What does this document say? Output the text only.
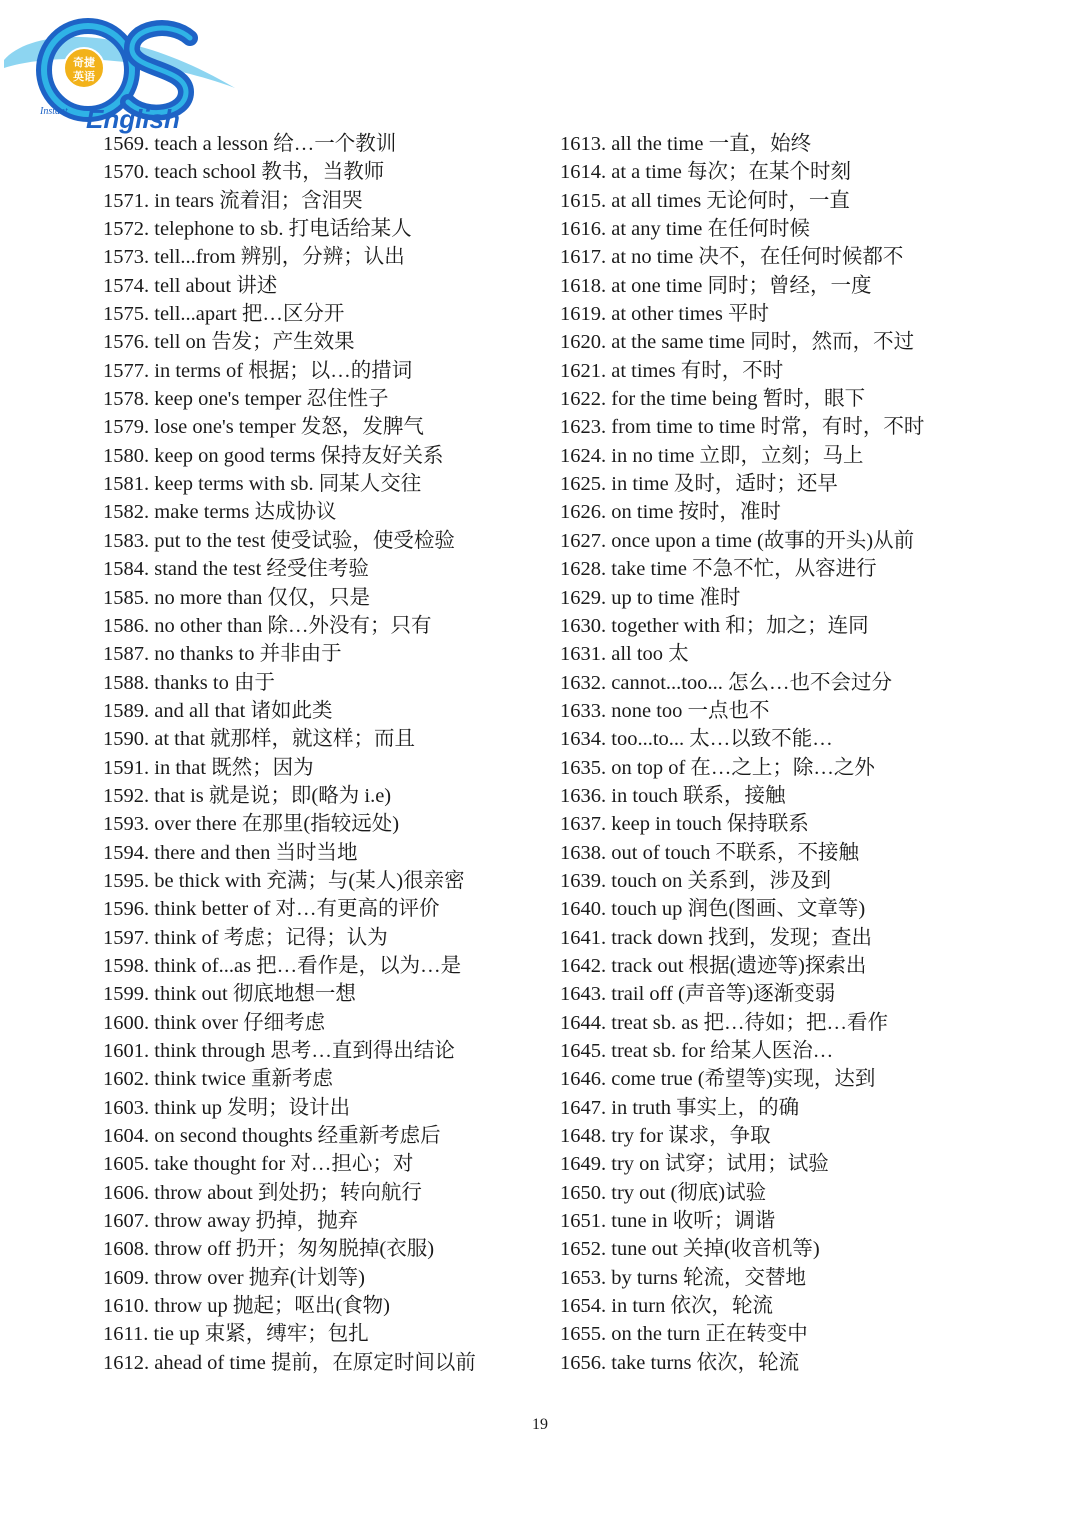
奇捷
英语
Instant English
1569. teach a lesson 给…一个教训
1570. teach school 教书，当教师
1571. in tears 流着泪；含泪哭
1572. telephone to sb. 打电话给某人
1573. tell...from 辨别，分辨；认出
1574. tell about 讲述
1575. tell...apart 把…区分开
1576. tell on 告发；产生效果
1577. in terms of 根据；以…的措词
1578. keep one's temper 忍住性子
1579. lose one's temper 发怒，发脾气
1580. keep on good terms 保持友好关系
1581. keep terms with sb. 同某人交往
1582. make terms 达成协议
1583. put to the test 使受试验，使受检验
1584. stand the test 经受住考验
1585. no more than 仅仅，只是
1586. no other than 除…外没有；只有
1587. no thanks to 并非由于
1588. thanks to 由于
1589. and all that 诸如此类
1590. at that 就那样，就这样；而且
1591. in that 既然；因为
1592. that is 就是说；即(略为 i.e)
1593. over there 在那里(指较远处)
1594. there and then 当时当地
1595. be thick with 充满；与(某人)很亲密
1596. think better of 对…有更高的评价
1597. think of 考虑；记得；认为
1598. think of...as 把…看作是，以为…是
1599. think out 彻底地想一想
1600. think over 仔细考虑
1601. think through 思考…直到得出结论
1602. think twice 重新考虑
1603. think up 发明；设计出
1604. on second thoughts 经重新考虑后
1605. take thought for 对…担心；对
1606. throw about 到处扔；转向航行
1607. throw away 扔掉，抛弃
1608. throw off 扔开；匆匆脱掉(衣服)
1609. throw over 抛弃(计划等)
1610. throw up 抛起；呕出(食物)
1611. tie up 束紧，缚牢；包扎
1612. ahead of time 提前，在原定时间以前
1613. all the time 一直，始终
1614. at a time 每次；在某个时刻
1615. at all times 无论何时，一直
1616. at any time 在任何时候
1617. at no time 决不，在任何时候都不
1618. at one time 同时；曾经，一度
1619. at other times 平时
1620. at the same time 同时，然而，不过
1621. at times 有时，不时
1622. for the time being 暂时，眼下
1623. from time to time 时常，有时，不时
1624. in no time 立即，立刻；马上
1625. in time 及时，适时；还早
1626. on time 按时，准时
1627. once upon a time (故事的开头)从前
1628. take time 不急不忙，从容进行
1629. up to time 准时
1630. together with 和；加之；连同
1631. all too 太
1632. cannot...too... 怎么…也不会过分
1633. none too 一点也不
1634. too...to... 太…以致不能…
1635. on top of 在…之上；除…之外
1636. in touch 联系，接触
1637. keep in touch 保持联系
1638. out of touch 不联系，不接触
1639. touch on 关系到，涉及到
1640. touch up 润色(图画、文章等)
1641. track down 找到，发现；查出
1642. track out 根据(遗迹等)探索出
1643. trail off (声音等)逐渐变弱
1644. treat sb. as 把…待如；把…看作
1645. treat sb. for 给某人医治…
1646. come true (希望等)实现，达到
1647. in truth 事实上，的确
1648. try for 谋求，争取
1649. try on 试穿；试用；试验
1650. try out (彻底)试验
1651. tune in 收听；调谐
1652. tune out 关掉(收音机等)
1653. by turns 轮流，交替地
1654. in turn 依次，轮流
1655. on the turn 正在转变中
1656. take turns 依次，轮流
19
